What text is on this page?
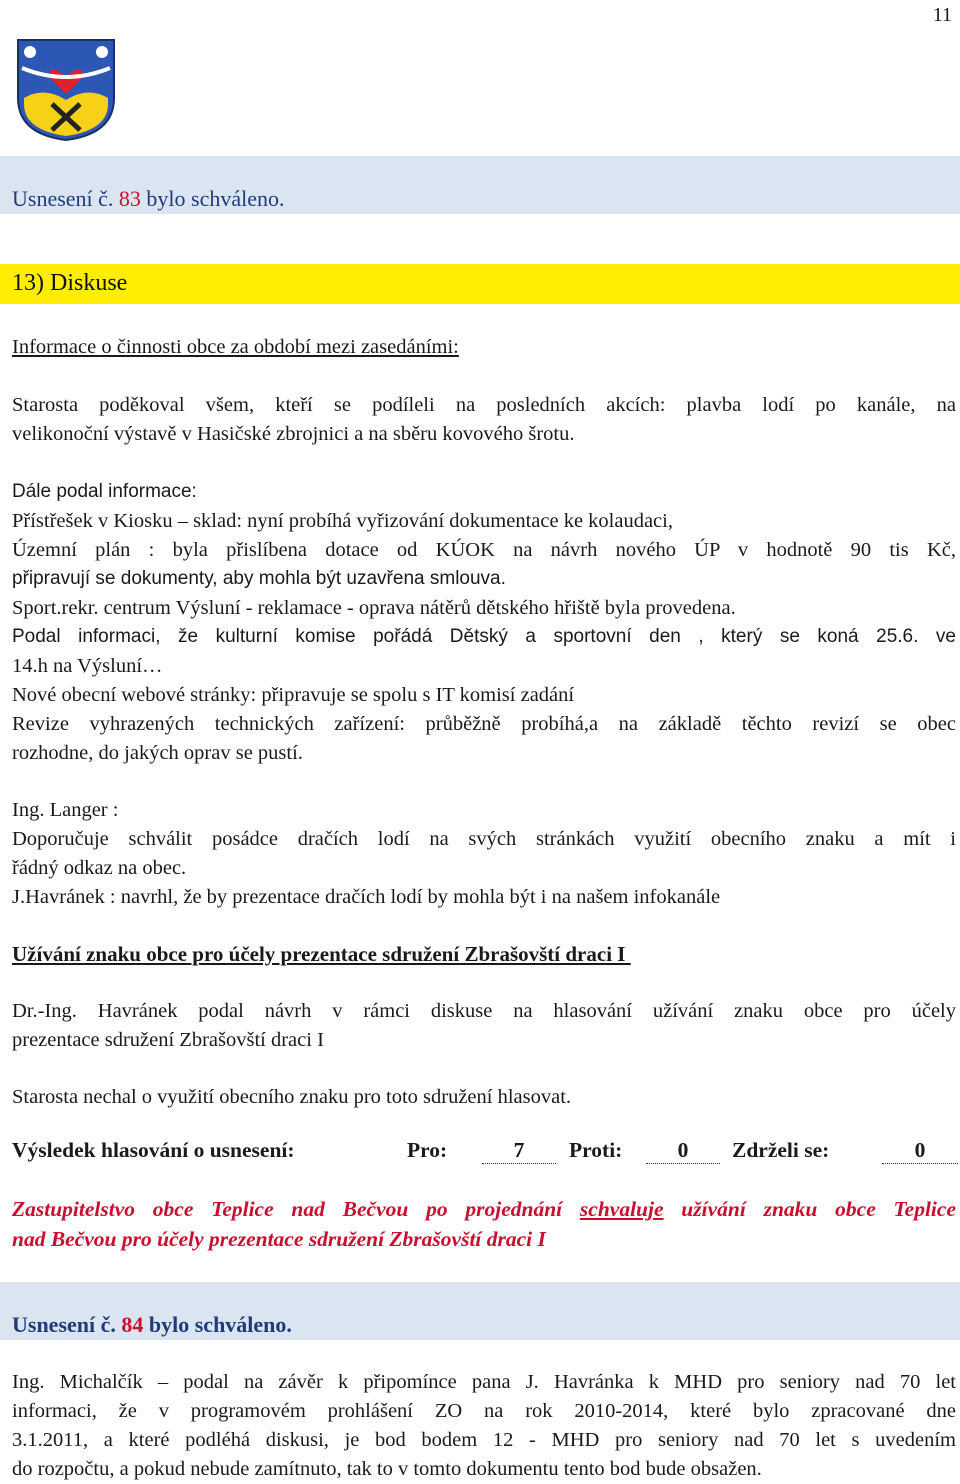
11
Usnesení č. 83 bylo schváleno.
13) Diskuse
Informace o činnosti obce za období mezi zasedáními:
Starosta poděkoval všem, kteří se podíleli na posledních akcích: plavba lodí po kanále, na
velikonoční výstavě v Hasičské zbrojnici a na sběru kovového šrotu.
Dále podal informace:
Přístřešek v Kiosku – sklad: nyní probíhá vyřizování dokumentace ke kolaudaci,
Územní plán : byla přislíbena dotace od KÚOK na návrh nového ÚP v hodnotě 90 tis Kč,
připravují se dokumenty, aby mohla být uzavřena smlouva.
Sport.rekr. centrum Výsluní - reklamace - oprava nátěrů dětského hřiště byla provedena.
Podal informaci, že kulturní komise pořádá Dětský a sportovní den , který se koná 25.6. ve
14.h na Výsluní…
Nové obecní webové stránky: připravuje se spolu s IT komisí zadání
Revize vyhrazených technických zařízení: průběžně probíhá,a na základě těchto revizí se obec
rozhodne, do jakých oprav se pustí.
Ing. Langer :
Doporučuje schválit posádce dračích lodí na svých stránkách využití obecního znaku a mít i
řádný odkaz na obec.
J.Havránek : navrhl, že by prezentace dračích lodí by mohla být i na našem infokanále
Užívání znaku obce pro účely prezentace sdružení Zbrašovští draci I
Dr.-Ing. Havránek podal návrh v rámci diskuse na hlasování užívání znaku obce pro účely
prezentace sdružení Zbrašovští draci I
Starosta nechal o využití obecního znaku pro toto sdružení hlasovat.
Výsledek hlasování o usnesení:	Pro:	7	Proti:	0	Zdrželi se:	0
Zastupitelstvo obce Teplice nad Bečvou po projednání schvaluje užívání znaku obce Teplice
nad Bečvou pro účely prezentace sdružení Zbrašovští draci I
Usnesení č. 84 bylo schváleno.
Ing. Michalčík – podal na závěr k připomínce pana J. Havránka k MHD pro seniory nad 70 let
informaci, že v programovém prohlášení ZO na rok 2010-2014, které bylo zpracované dne
3.1.2011, a které podléhá diskusi, je bod bodem 12 - MHD pro seniory nad 70 let s uvedením
do rozpočtu, a pokud nebude zamítnuto, tak to v tomto dokumentu tento bod bude obsažen.
